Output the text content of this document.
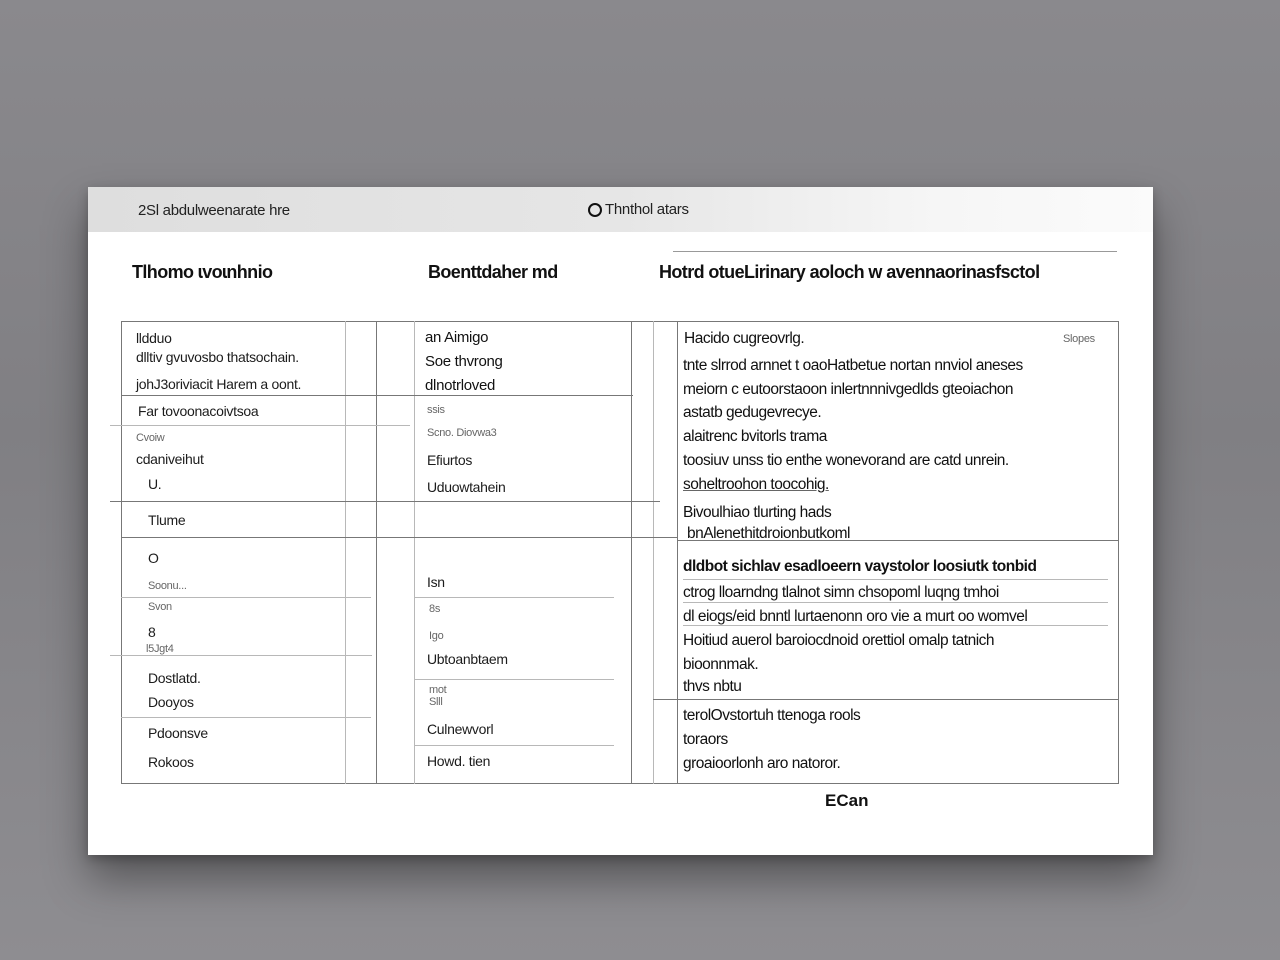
2Sl abdulweenarate hre	Thnthol atars
Tlhomo ɩvoɩnhnio	Boenttdaher md	Hotrd otueLirinary aoloch w avennaorinasfsctol
lldduo
dlltiv gvuvosbo thatsochain.
johJ3oriviacit Harem a oont.
Far tovoonacoivtsoa
Cvoiw
cdaniveihut
U.
Tlume
O
Soonu...
Svon
8
l5Jgt4
Dostlatd.
Dooyos
Pdoonsve
Rokoos
an Aimigo
Soe thvrong
dlnotrloved
ssis
Scno. Diovwa3
Efiurtos
Uduowtahein
Isn
8s
Igo
Ubtoanbtaem
mot
Slll
Culnewvorl
Howd. tien
Hacido cugreovrlg.	Slopes
tnte slrrod arnnet t oaoHatbetue nortan nnviol aneses
meiorn c eutoorstaoon inlertnnnivgedlds gteoiachon
astatb gedugevrecye.
alaitrenc bvitorls trama
toosiuv unss tio enthe wonevorand are catd unrein.
soheltroohon toocohig.
Bivoulhiao tlurting hads
bnAlenethitdroionbutkoml
dldbot sichlav esadloeern vaystolor loosiutk tonbid
ctrog lloarndng tlalnot simn chsopoml luqng tmhoi
dl eiogs/eid bnntl lurtaenonn oro vie a murt oo womvel
Hoitiud auerol baroiocdnoid orettiol omalp tatnich
bioonnmak.
thvs nbtu
terolOvstortuh ttenoga rools
toraors
groaioorlonh aro natoror.
ECan
